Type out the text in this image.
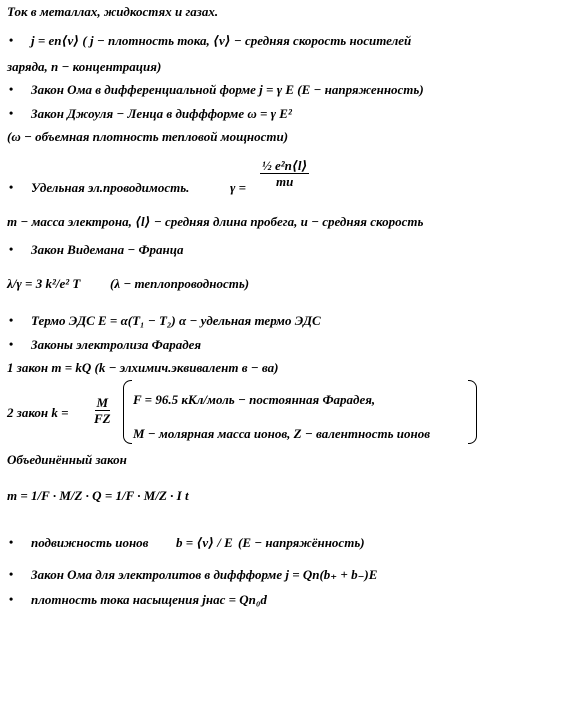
Ток в металлах, жидкостях и газах.
• j = en⟨v⟩ ( j − плотность тока, ⟨v⟩ − средняя скорость носителей
заряда, n − концентрация)
• Закон Ома в дифференциальной форме j = γ E (E − напряженность)
• Закон Джоуля − Ленца в диффформе ω = γ E²
(ω − объемная плотность тепловой мощности)
• Удельная эл.проводимость.	$\gamma = \frac{\text{½ e²n⟨l⟩}}{mu}$
m − масса электрона, ⟨l⟩ − средняя длина пробега, u − средняя скорость
• Закон Видемана − Франца
λ/γ = 3 k²/e² T (λ − теплопроводность)
• Термо ЭДС E = α(T₁ − T₂) α − удельная термо ЭДС
• Законы электролиза Фарадея
1 закон m = kQ (k − элхимич.эквивалент в − ва)
2 закон $k = \frac{M}{FZ}$ F = 96.5 кКл/моль − постоянная Фарадея,
M − молярная масса ионов, Z − валентность ионов
Объединённый закон
m = 1/F · M/Z · Q = 1/F · M/Z · I t
• подвижность ионов b = ⟨v⟩ / E (E − напряжённость)
• Закон Ома для электролитов в диффформе j = Qn(b₊ + b₋)E
• плотность тока насыщения jнас = Qn₀d
